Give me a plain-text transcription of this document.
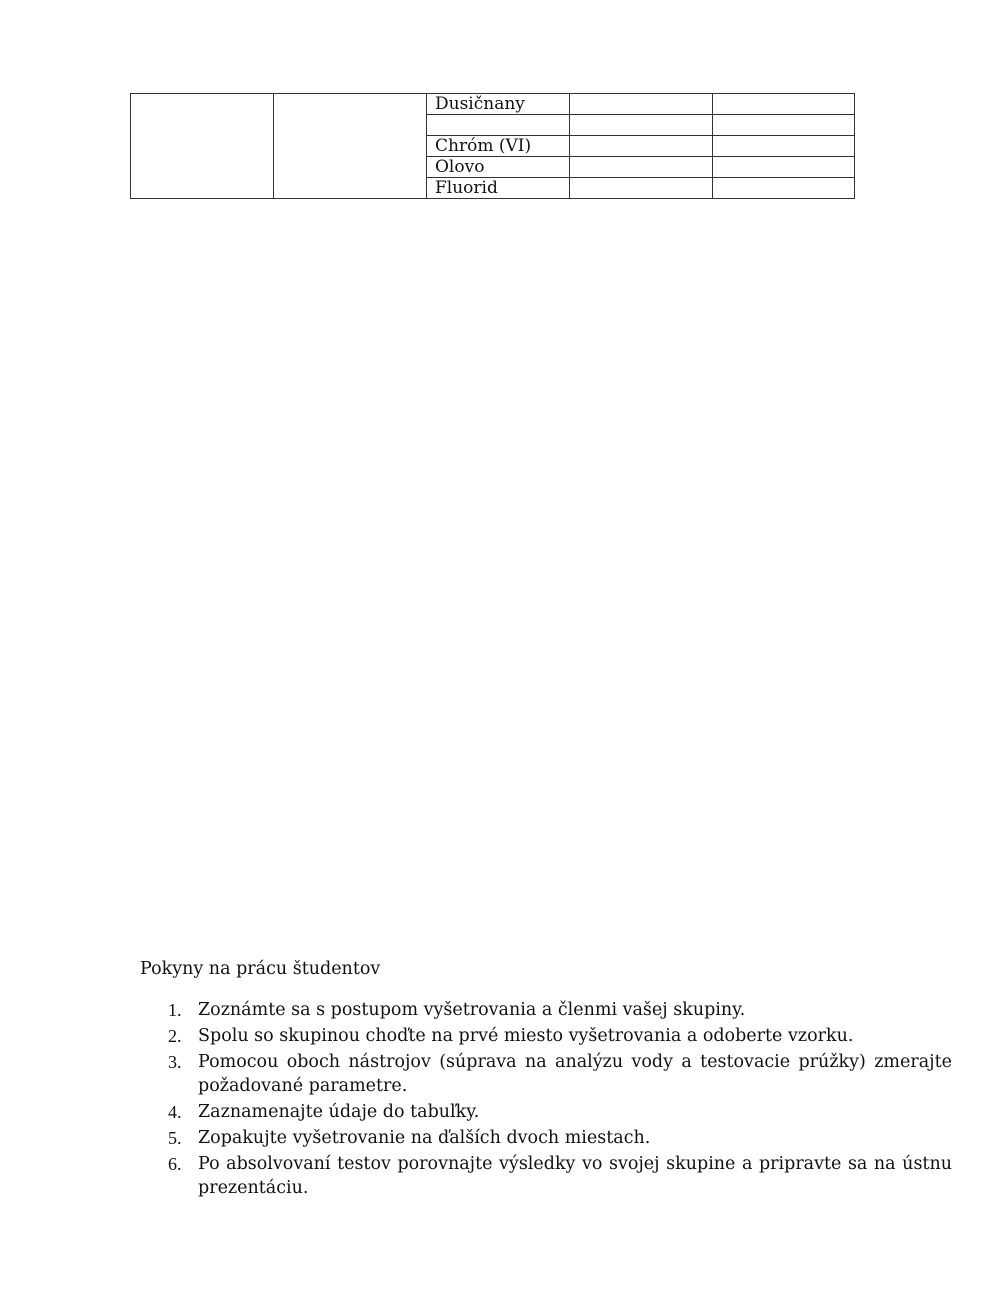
		Dusičnany		

		Chróm (VI)		
		Olovo		
		Fluorid		

Pokyny na prácu študentov

1. Zoznámte sa s postupom vyšetrovania a členmi vašej skupiny.
2. Spolu so skupinou choďte na prvé miesto vyšetrovania a odoberte vzorku.
3. Pomocou oboch nástrojov (súprava na analýzu vody a testovacie prúžky) zmerajte požadované parametre.
4. Zaznamenajte údaje do tabuľky.
5. Zopakujte vyšetrovanie na ďalších dvoch miestach.
6. Po absolvovaní testov porovnajte výsledky vo svojej skupine a pripravte sa na ústnu prezentáciu.
